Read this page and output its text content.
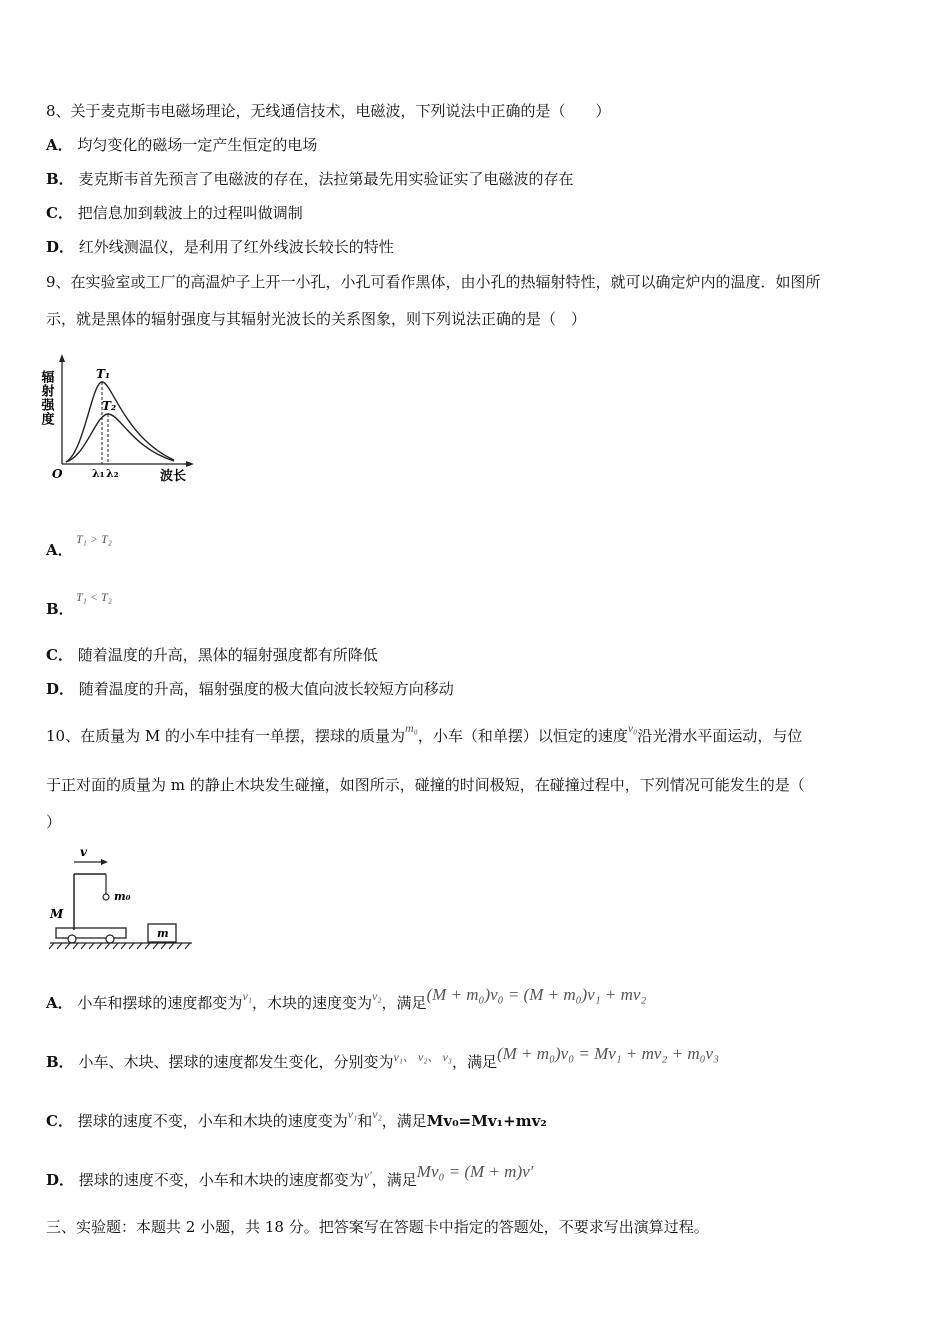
8、关于麦克斯韦电磁场理论，无线通信技术，电磁波，下列说法中正确的是（　　）
A． 均匀变化的磁场一定产生恒定的电场
B． 麦克斯韦首先预言了电磁波的存在，法拉第最先用实验证实了电磁波的存在
C． 把信息加到载波上的过程叫做调制
D． 红外线测温仪，是利用了红外线波长较长的特性
9、在实验室或工厂的高温炉子上开一小孔，小孔可看作黑体，由小孔的热辐射特性，就可以确定炉内的温度．如图所
示，就是黑体的辐射强度与其辐射光波长的关系图象，则下列说法正确的是（　）
辐射强度	T₁
T₂
O	λ₁ λ₂	波长
A．
T₁ > T₂
B．
T₁ < T₂
C． 随着温度的升高，黑体的辐射强度都有所降低
D． 随着温度的升高，辐射强度的极大值向波长较短方向移动
10、在质量为 M 的小车中挂有一单摆，摆球的质量为$^{m_0}$，小车（和单摆）以恒定的速度$^{v_0}$沿光滑水平面运动，与位
于正对面的质量为 m 的静止木块发生碰撞，如图所示，碰撞的时间极短，在碰撞过程中，下列情况可能发生的是（
）
v
m₀
M
m
A． 小车和摆球的速度都变为$^{v_1}$，木块的速度变为$^{v_2}$，满足(M + m₀)v₀ = (M + m₀)v₁ + mv₂
B． 小车、木块、摆球的速度都发生变化，分别变为$^{v_1、 v_2、 v_3}$，满足(M + m₀)v₀ = Mv₁ + mv₂ + m₀v₃
C． 摆球的速度不变，小车和木块的速度变为$^{v_1}$和$^{v_2}$，满足Mv₀=Mv₁+mv₂
D． 摆球的速度不变，小车和木块的速度都变为$^{v'}$，满足Mv₀ = (M + m)v′
三、实验题：本题共 2 小题，共 18 分。把答案写在答题卡中指定的答题处，不要求写出演算过程。
